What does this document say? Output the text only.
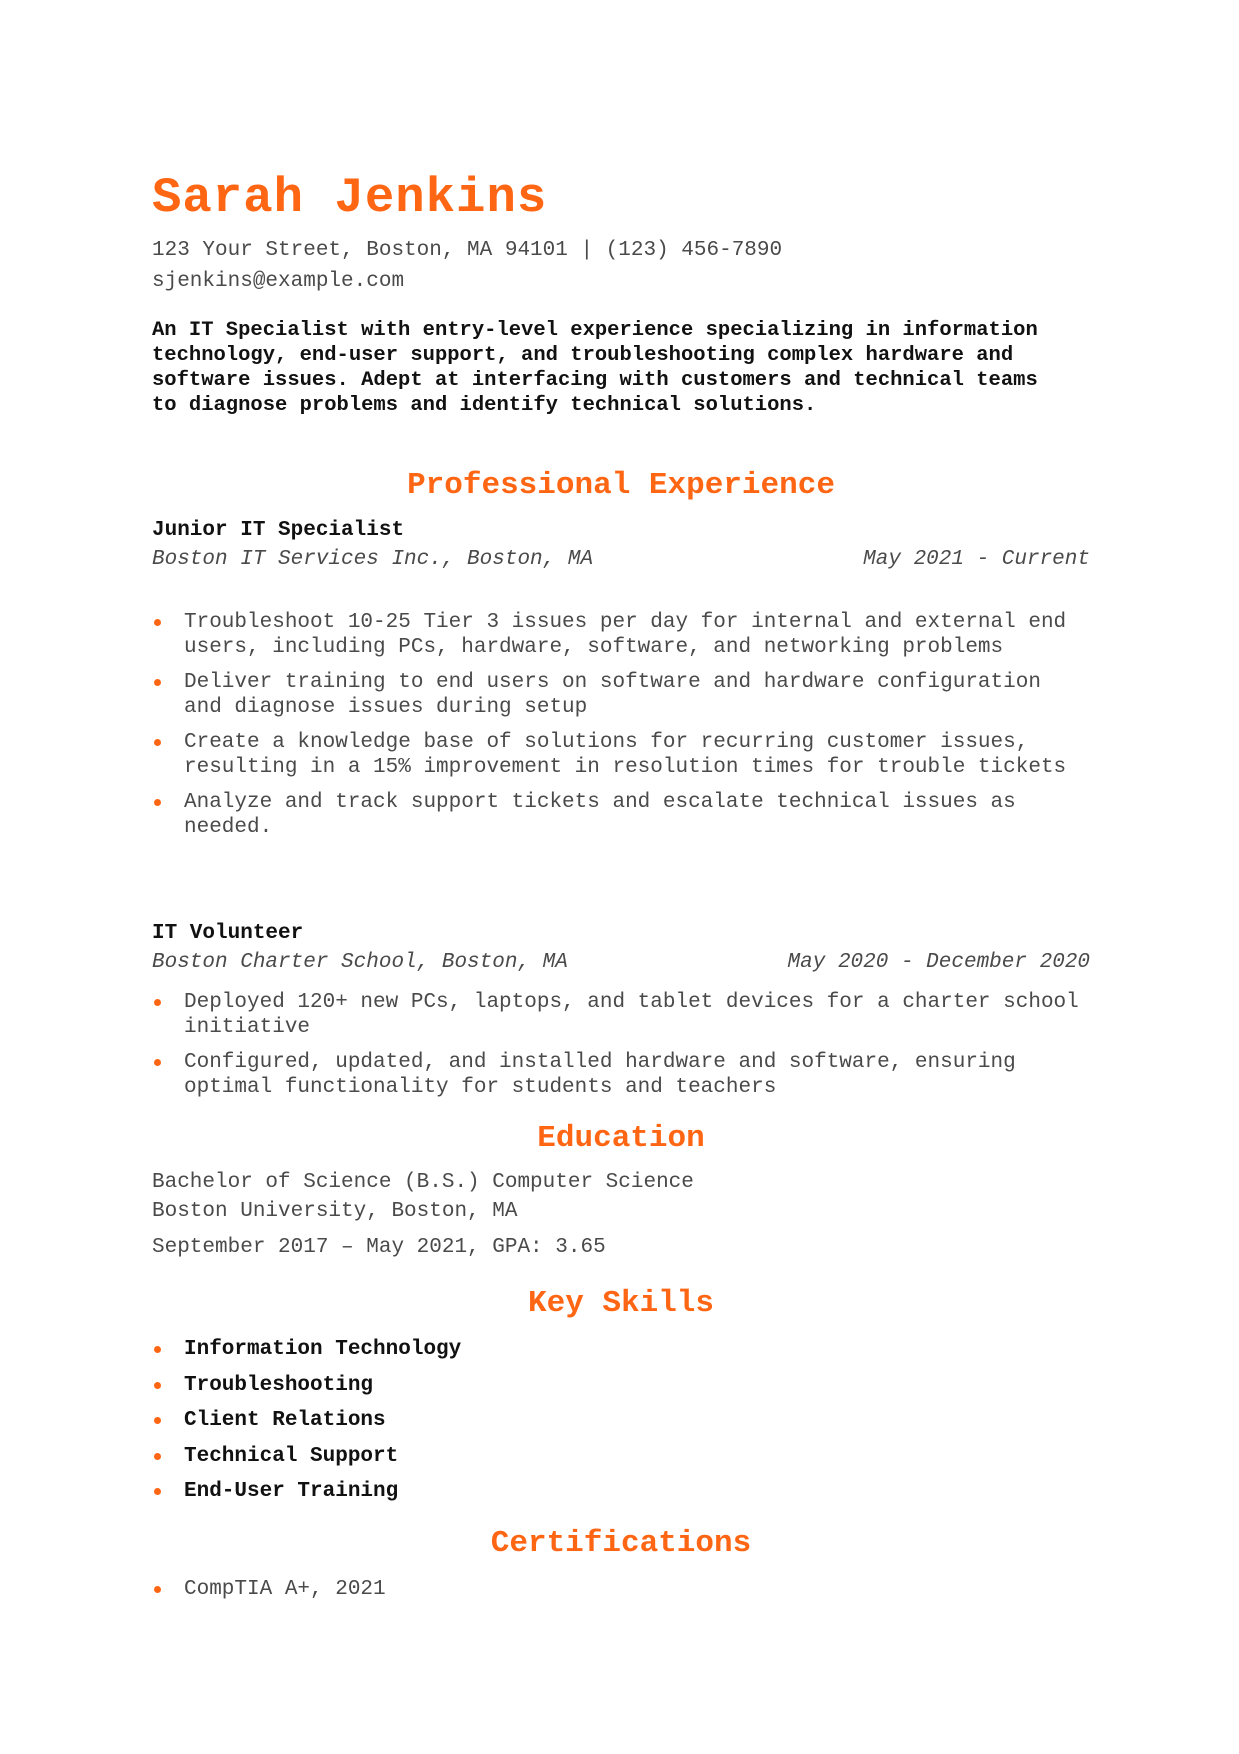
Sarah Jenkins
123 Your Street, Boston, MA 94101 | (123) 456-7890
sjenkins@example.com

An IT Specialist with entry-level experience specializing in information technology, end-user support, and troubleshooting complex hardware and software issues. Adept at interfacing with customers and technical teams to diagnose problems and identify technical solutions.

Professional Experience
Junior IT Specialist
Boston IT Services Inc., Boston, MA	May 2021 - Current
Troubleshoot 10-25 Tier 3 issues per day for internal and external end users, including PCs, hardware, software, and networking problems
Deliver training to end users on software and hardware configuration and diagnose issues during setup
Create a knowledge base of solutions for recurring customer issues, resulting in a 15% improvement in resolution times for trouble tickets
Analyze and track support tickets and escalate technical issues as needed.
IT Volunteer
Boston Charter School, Boston, MA	May 2020 - December 2020
Deployed 120+ new PCs, laptops, and tablet devices for a charter school initiative
Configured, updated, and installed hardware and software, ensuring optimal functionality for students and teachers
Education
Bachelor of Science (B.S.) Computer Science
Boston University, Boston, MA
September 2017 – May 2021, GPA: 3.65
Key Skills
Information Technology
Troubleshooting
Client Relations
Technical Support
End-User Training
Certifications
CompTIA A+, 2021
